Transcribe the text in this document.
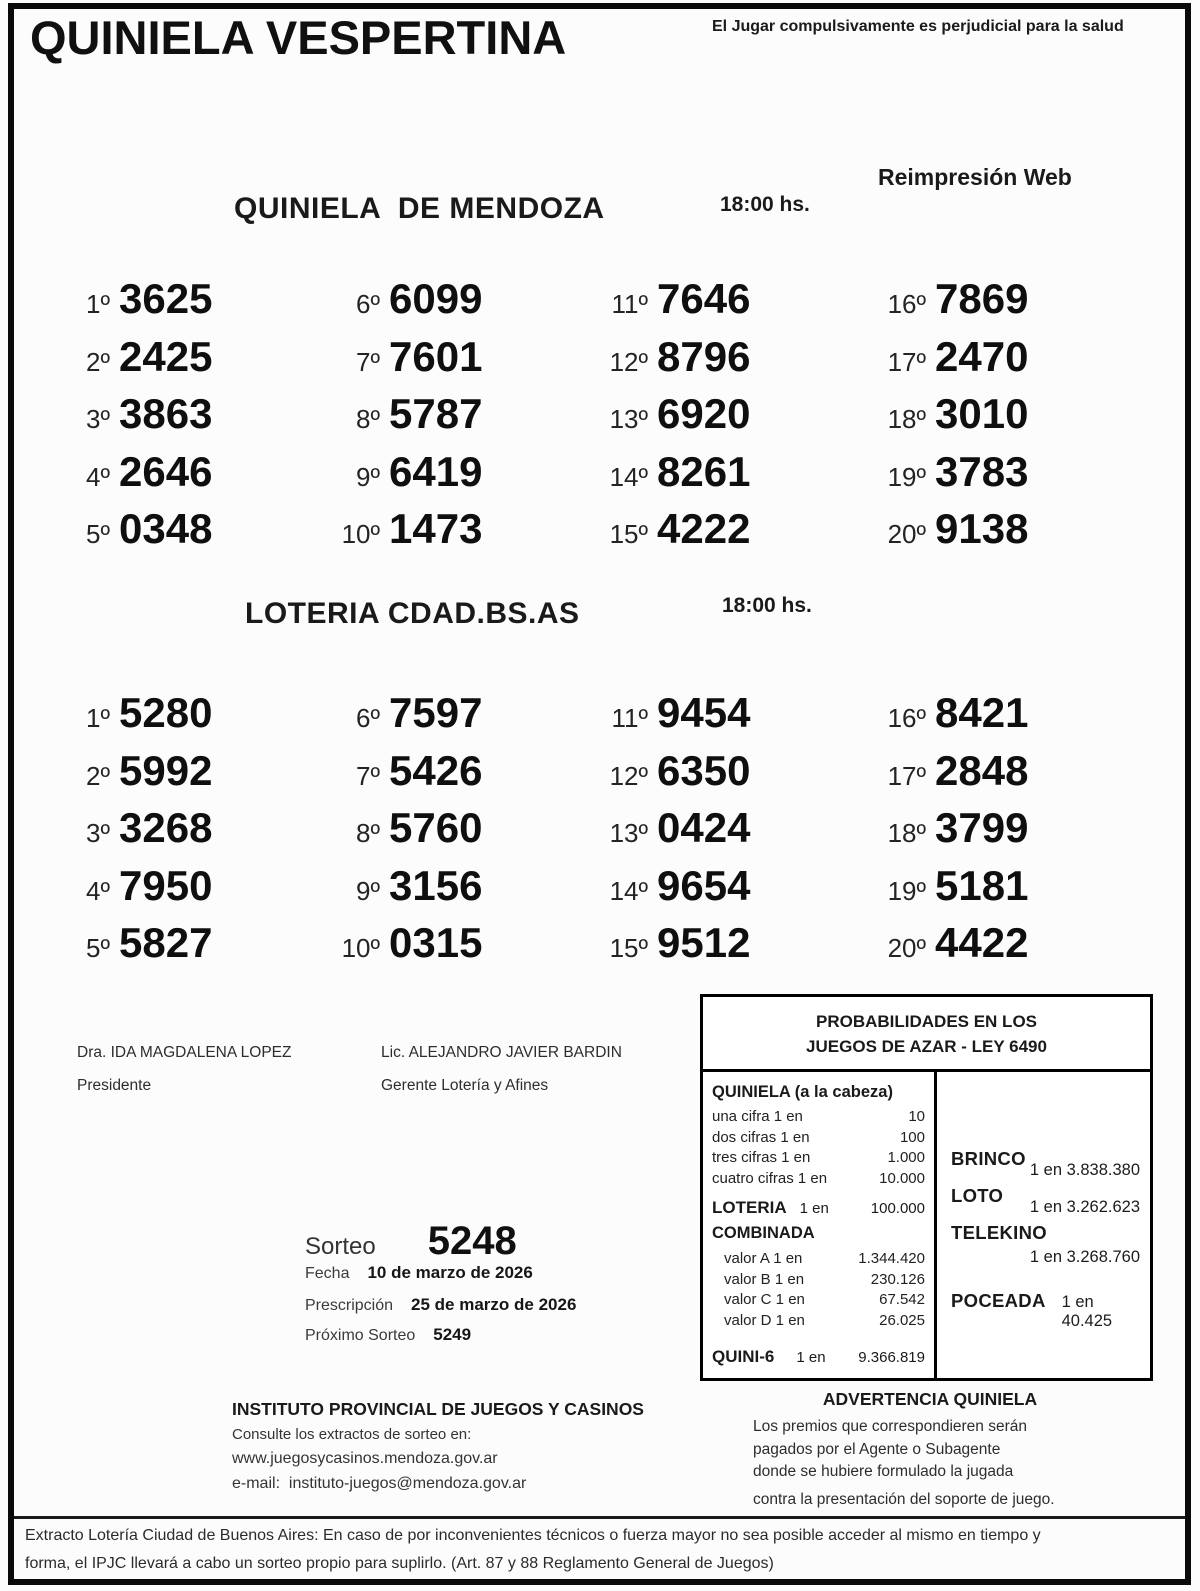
QUINIELA VESPERTINA	El Jugar compulsivamente es perjudicial para la salud
Reimpresión Web
QUINIELA  DE MENDOZA	18:00 hs.
1º 3625
2º 2425
3º 3863
4º 2646
5º 0348
6º 6099
7º 7601
8º 5787
9º 6419
10º 1473
11º 7646
12º 8796
13º 6920
14º 8261
15º 4222
16º 7869
17º 2470
18º 3010
19º 3783
20º 9138
LOTERIA CDAD.BS.AS	18:00 hs.
1º 5280
2º 5992
3º 3268
4º 7950
5º 5827
6º 7597
7º 5426
8º 5760
9º 3156
10º 0315
11º 9454
12º 6350
13º 0424
14º 9654
15º 9512
16º 8421
17º 2848
18º 3799
19º 5181
20º 4422
Dra. IDA MAGDALENA LOPEZ
Presidente
Lic. ALEJANDRO JAVIER BARDIN
Gerente Lotería y Afines
Sorteo 5248
Fecha 10 de marzo de 2026
Prescripción 25 de marzo de 2026
Próximo Sorteo 5249
PROBABILIDADES EN LOS
JUEGOS DE AZAR - LEY 6490
QUINIELA (a la cabeza)
una cifra 1 en	10
dos cifras 1 en	100
tres cifras 1 en	1.000
cuatro cifras 1 en	10.000
LOTERIA 1 en	100.000
COMBINADA
valor A 1 en	1.344.420
valor B 1 en	230.126
valor C 1 en	67.542
valor D 1 en	26.025
QUINI-6 1 en 9.366.819
BRINCO
1 en 3.838.380
LOTO
1 en 3.262.623
TELEKINO
1 en 3.268.760
POCEADA 1 en 40.425
ADVERTENCIA QUINIELA
Los premios que correspondieren serán
pagados por el Agente o Subagente
donde se hubiere formulado la jugada
contra la presentación del soporte de juego.
INSTITUTO PROVINCIAL DE JUEGOS Y CASINOS
Consulte los extractos de sorteo en:
www.juegosycasinos.mendoza.gov.ar
e-mail:  instituto-juegos@mendoza.gov.ar
Extracto Lotería Ciudad de Buenos Aires: En caso de por inconvenientes técnicos o fuerza mayor no sea posible acceder al mismo en tiempo y
forma, el IPJC llevará a cabo un sorteo propio para suplirlo. (Art. 87 y 88 Reglamento General de Juegos)
